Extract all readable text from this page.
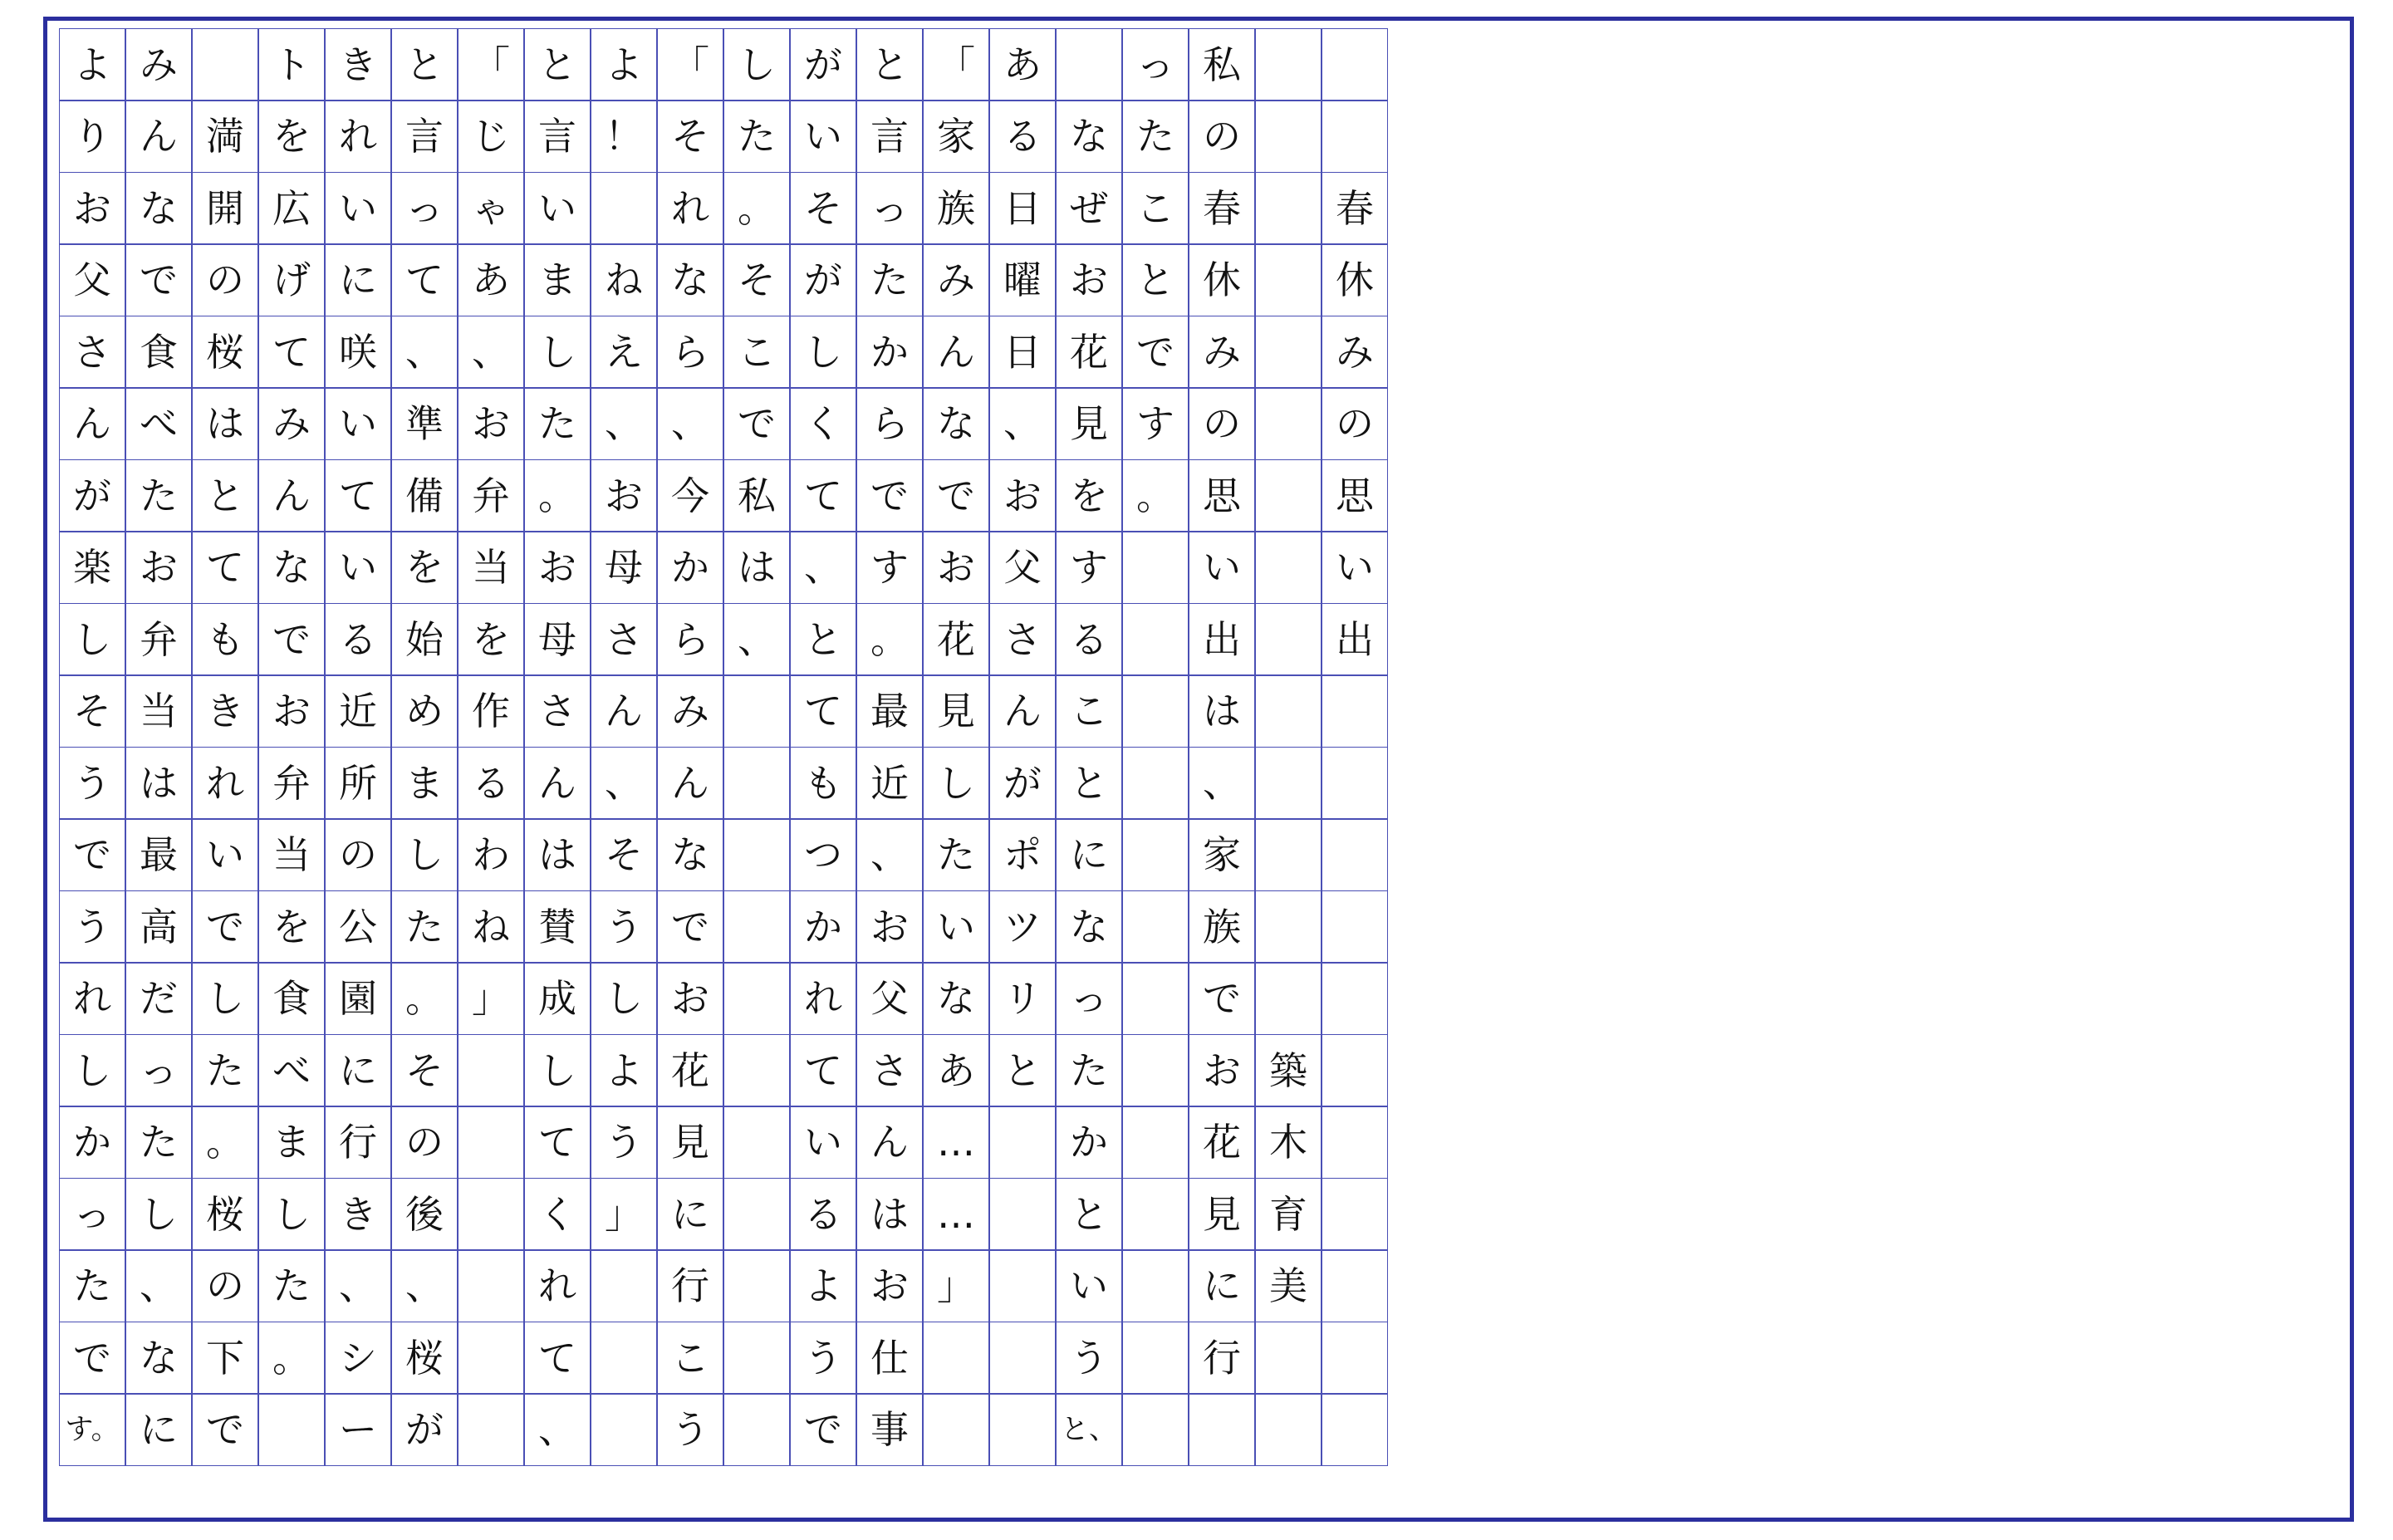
春
休
み
の
思
い
出
築
木
育
美
私
の
春
休
み
の
思
い
出
は
、
家
族
で
お
花
見
に
行
っ
た
こ
と
で
す
。
な
ぜ
お
花
見
を
す
る
こ
と
に
な
っ
た
か
と
い
う
と、
あ
る
日
曜
日
、
お
父
さ
ん
が
ポ
ツ
リ
と
「
家
族
み
ん
な
で
お
花
見
し
た
い
な
あ
…
…
」
と
言
っ
た
か
ら
で
す
。
最
近
、
お
父
さ
ん
は
お
仕
事
が
い
そ
が
し
く
て
、
と
て
も
つ
か
れ
て
い
る
よ
う
で
し
た
。
そ
こ
で
私
は
、
「
そ
れ
な
ら
、
今
か
ら
み
ん
な
で
お
花
見
に
行
こ
う
よ
！
ね
え
、
お
母
さ
ん
、
そ
う
し
よ
う
」
と
言
い
ま
し
た
。
お
母
さ
ん
は
賛
成
し
て
く
れ
て
、
「
じ
ゃ
あ
、
お
弁
当
を
作
る
わ
ね
」
と
言
っ
て
、
準
備
を
始
め
ま
し
た
。
そ
の
後
、
桜
が
き
れ
い
に
咲
い
て
い
る
近
所
の
公
園
に
行
き
、
シ
ー
ト
を
広
げ
て
み
ん
な
で
お
弁
当
を
食
べ
ま
し
た
。
満
開
の
桜
は
と
て
も
き
れ
い
で
し
た
。
桜
の
下
で
み
ん
な
で
食
べ
た
お
弁
当
は
最
高
だ
っ
た
し
、
な
に
よ
り
お
父
さ
ん
が
楽
し
そ
う
で
う
れ
し
か
っ
た
で
す。
